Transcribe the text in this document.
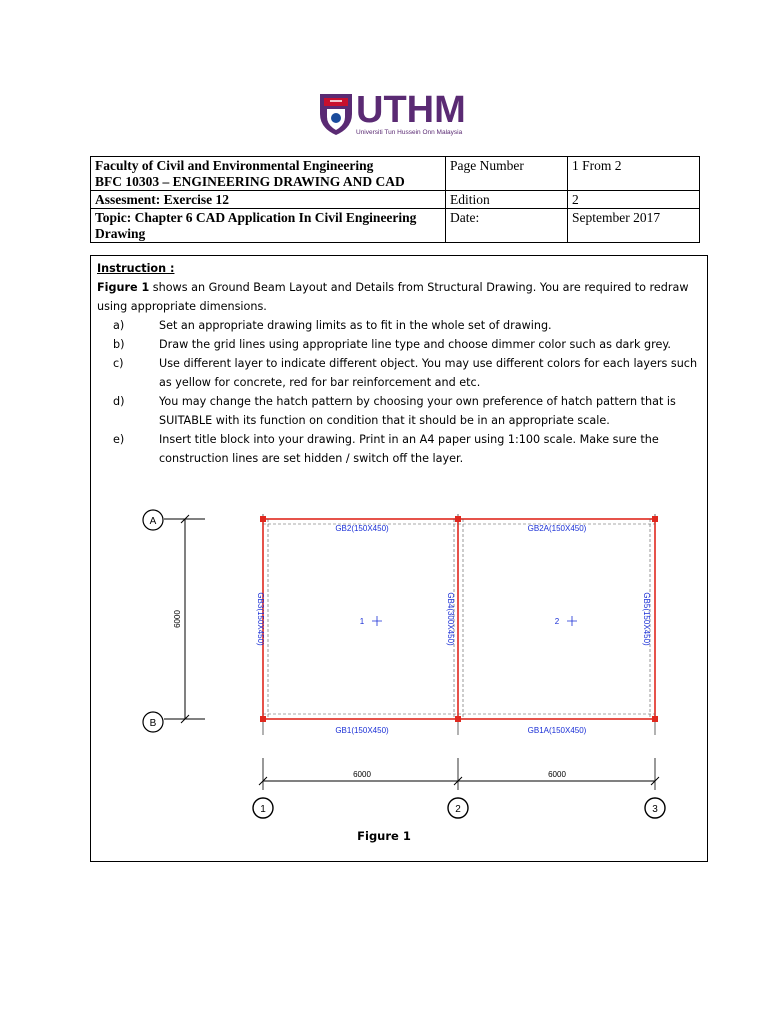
UTHM
Universiti Tun Hussein Onn Malaysia
Faculty of Civil and Environmental Engineering
BFC 10303 – ENGINEERING DRAWING AND CAD	Page Number	1 From 2
Assesment: Exercise 12	Edition	2
Topic: Chapter 6 CAD Application In Civil Engineering Drawing	Date:	September 2017
Instruction :
Figure 1 shows an Ground Beam Layout and Details from Structural Drawing. You are required to redraw using appropriate dimensions.
a)	Set an appropriate drawing limits as to fit in the whole set of drawing.
b)	Draw the grid lines using appropriate line type and choose dimmer color such as dark grey.
c)	Use different layer to indicate different object. You may use different colors for each layers such as yellow for concrete, red for bar reinforcement and etc.
d)	You may change the hatch pattern by choosing your own preference of hatch pattern that is SUITABLE with its function on condition that it should be in an appropriate scale.
e)	Insert title block into your drawing. Print in an A4 paper using 1:100 scale. Make sure the construction lines are set hidden / switch off the layer.
A
B
6000
GB2(150X450)	GB2A(150X450)
GB1(150X450)	GB1A(150X450)
GB3(150X450)	GB4(300X450)	GB5(150X450)
1	2
6000	6000
1	2	3
Figure 1
